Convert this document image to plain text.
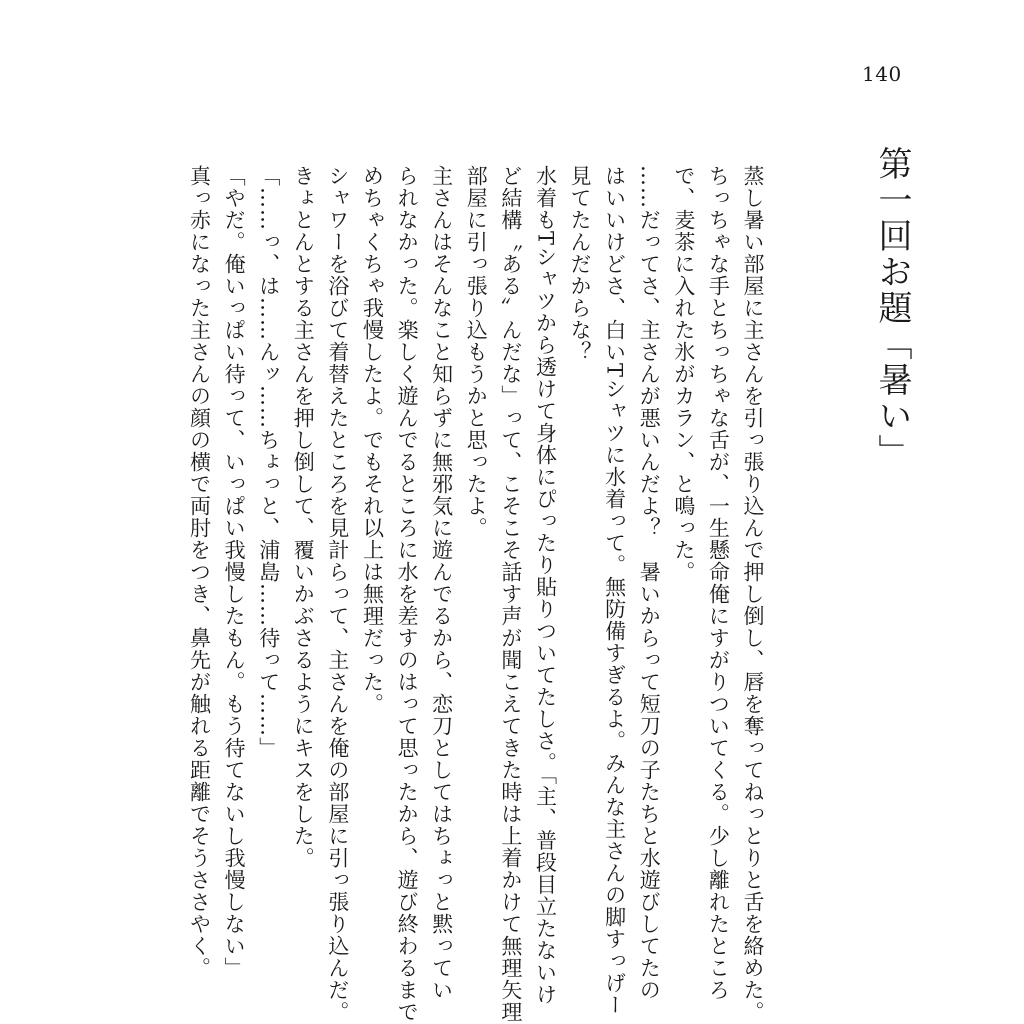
140
第一回お題「暑い」
蒸し暑い部屋に主さんを引っ張り込んで押し倒し、唇を奪ってねっとりと舌を絡めた。
ちっちゃな手とちっちゃな舌が、一生懸命俺にすがりついてくる。少し離れたところ
で、麦茶に入れた氷がカラン、と鳴った。
……だってさ、主さんが悪いんだよ？　暑いからって短刀の子たちと水遊びしてたの
はいいけどさ、白いTシャツに水着って。無防備すぎるよ。みんな主さんの脚すっげー
見てたんだからな？
水着もTシャツから透けて身体にぴったり貼りついてたしさ。「主、普段目立たないけ
ど結構〝ある〟んだな」って、こそこそ話す声が聞こえてきた時は上着かけて無理矢理
部屋に引っ張り込もうかと思ったよ。
主さんはそんなこと知らずに無邪気に遊んでるから、恋刀としてはちょっと黙ってい
られなかった。楽しく遊んでるところに水を差すのはって思ったから、遊び終わるまで
めちゃくちゃ我慢したよ。でもそれ以上は無理だった。
シャワーを浴びて着替えたところを見計らって、主さんを俺の部屋に引っ張り込んだ。
きょとんとする主さんを押し倒して、覆いかぶさるようにキスをした。
「……っ、は……んッ……ちょっと、浦島……待って……」
「やだ。俺いっぱい待って、いっぱい我慢したもん。もう待てないし我慢しない」
真っ赤になった主さんの顔の横で両肘をつき、鼻先が触れる距離でそうささやく。
